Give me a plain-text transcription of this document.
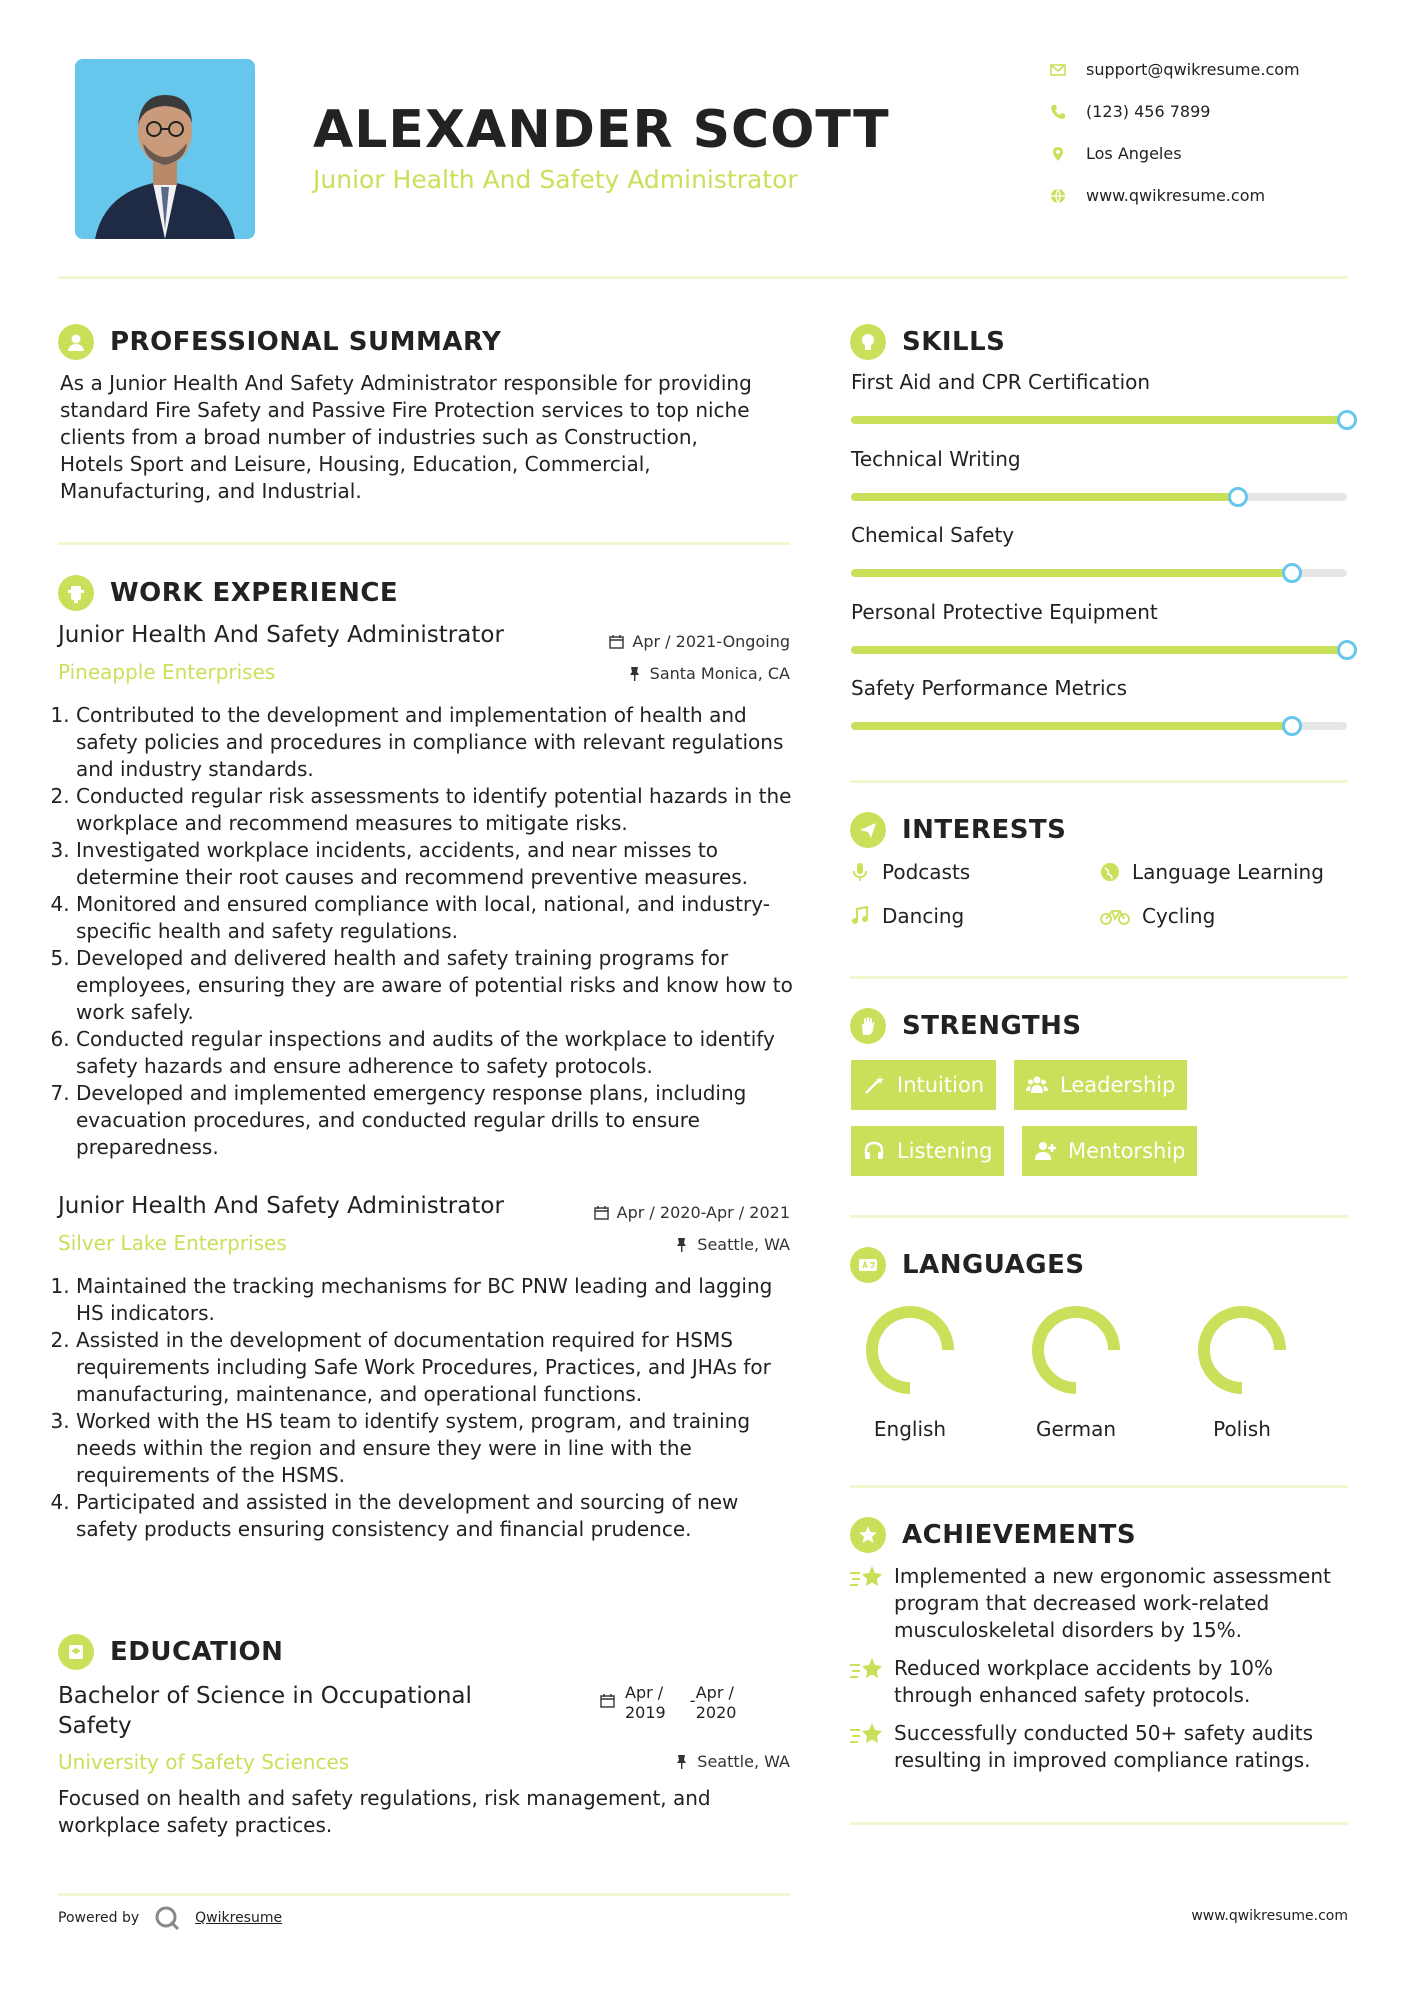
ALEXANDER SCOTT
Junior Health And Safety Administrator
support@qwikresume.com
(123) 456 7899
Los Angeles
www.qwikresume.com
PROFESSIONAL SUMMARY
As a Junior Health And Safety Administrator responsible for providing
standard Fire Safety and Passive Fire Protection services to top niche
clients from a broad number of industries such as Construction,
Hotels Sport and Leisure, Housing, Education, Commercial,
Manufacturing, and Industrial.
WORK EXPERIENCE
Junior Health And Safety Administrator
Pineapple Enterprises
Apr / 2021-Ongoing
Santa Monica, CA
1. Contributed to the development and implementation of health and safety policies and procedures in compliance with relevant regulations and industry standards.
2. Conducted regular risk assessments to identify potential hazards in the workplace and recommend measures to mitigate risks.
3. Investigated workplace incidents, accidents, and near misses to determine their root causes and recommend preventive measures.
4. Monitored and ensured compliance with local, national, and industry-specific health and safety regulations.
5. Developed and delivered health and safety training programs for employees, ensuring they are aware of potential risks and know how to work safely.
6. Conducted regular inspections and audits of the workplace to identify safety hazards and ensure adherence to safety protocols.
7. Developed and implemented emergency response plans, including evacuation procedures, and conducted regular drills to ensure preparedness.
Junior Health And Safety Administrator
Silver Lake Enterprises
Apr / 2020-Apr / 2021
Seattle, WA
1. Maintained the tracking mechanisms for BC PNW leading and lagging HS indicators.
2. Assisted in the development of documentation required for HSMS requirements including Safe Work Procedures, Practices, and JHAs for manufacturing, maintenance, and operational functions.
3. Worked with the HS team to identify system, program, and training needs within the region and ensure they were in line with the requirements of the HSMS.
4. Participated and assisted in the development and sourcing of new safety products ensuring consistency and financial prudence.
EDUCATION
Bachelor of Science in Occupational
Safety
Apr /
2019
- Apr /
2020
University of Safety Sciences	Seattle, WA
Focused on health and safety regulations, risk management, and workplace safety practices.
Powered by	Qwikresume
SKILLS
First Aid and CPR Certification
Technical Writing
Chemical Safety
Personal Protective Equipment
Safety Performance Metrics
INTERESTS
Podcasts	Language Learning
Dancing	Cycling
STRENGTHS
Intuition	Leadership
Listening	Mentorship
LANGUAGES
English	German	Polish
ACHIEVEMENTS
Implemented a new ergonomic assessment program that decreased work-related musculoskeletal disorders by 15%.
Reduced workplace accidents by 10% through enhanced safety protocols.
Successfully conducted 50+ safety audits resulting in improved compliance ratings.
www.qwikresume.com
